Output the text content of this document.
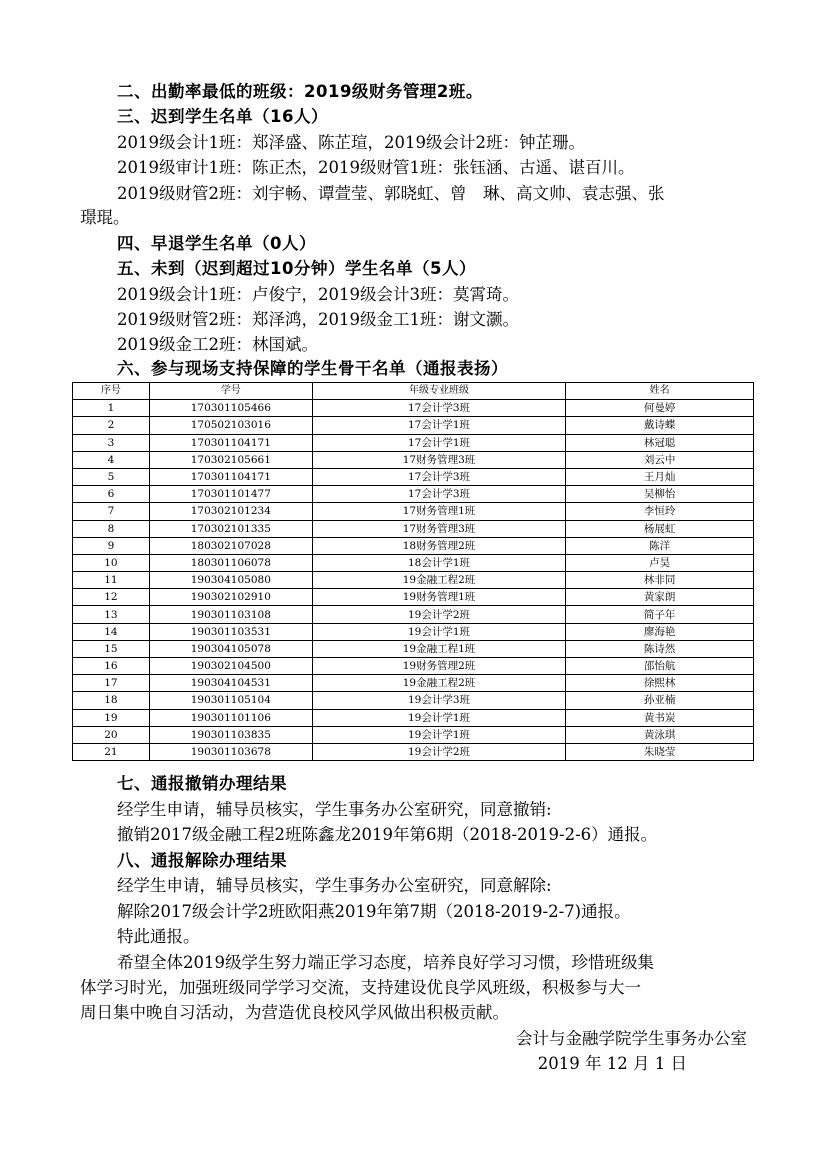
二、出勤率最低的班级：2019级财务管理2班。
三、迟到学生名单（16人）
2019级会计1班：郑泽盛、陈芷瑄，2019级会计2班：钟芷珊。
2019级审计1班：陈正杰，2019级财管1班：张钰涵、古遥、谌百川。
2019级财管2班：刘宇畅、谭萱莹、郭晓虹、曾　琳、高文帅、袁志强、张
璟琨。
四、早退学生名单（0人）
五、未到（迟到超过10分钟）学生名单（5人）
2019级会计1班：卢俊宁，2019级会计3班：莫霄琦。
2019级财管2班：郑泽鸿，2019级金工1班：谢文灏。
2019级金工2班：林国斌。
六、参与现场支持保障的学生骨干名单（通报表扬）
序号	学号	年级专业班级	姓名
1	170301105466	17会计学3班	何曼婷
2	170502103016	17会计学1班	戴诗蝶
3	170301104171	17会计学1班	林冠聪
4	170302105661	17财务管理3班	刘云中
5	170301104171	17会计学3班	王月灿
6	170301101477	17会计学3班	吴柳怡
7	170302101234	17财务管理1班	李恒玲
8	170302101335	17财务管理3班	杨展虹
9	180302107028	18财务管理2班	陈洋
10	180301106078	18会计学1班	卢昊
11	190304105080	19金融工程2班	林非同
12	190302102910	19财务管理1班	黄家朗
13	190301103108	19会计学2班	简子年
14	190301103531	19会计学1班	廖海艳
15	190304105078	19金融工程1班	陈诗然
16	190302104500	19财务管理2班	邵怡航
17	190304104531	19金融工程2班	徐熙林
18	190301105104	19会计学3班	孙亚楠
19	190301101106	19会计学1班	黄书炭
20	190301103835	19会计学1班	黄泳琪
21	190301103678	19会计学2班	朱晓莹
七、通报撤销办理结果
经学生申请，辅导员核实，学生事务办公室研究，同意撤销:
撤销2017级金融工程2班陈鑫龙2019年第6期（2018-2019-2-6）通报。
八、通报解除办理结果
经学生申请，辅导员核实，学生事务办公室研究，同意解除:
解除2017级会计学2班欧阳燕2019年第7期（2018-2019-2-7)通报。
特此通报。
希望全体2019级学生努力端正学习态度，培养良好学习习惯，珍惜班级集
体学习时光，加强班级同学学习交流，支持建设优良学风班级，积极参与大一
周日集中晚自习活动，为营造优良校风学风做出积极贡献。
会计与金融学院学生事务办公室
2019 年 12 月 1 日
